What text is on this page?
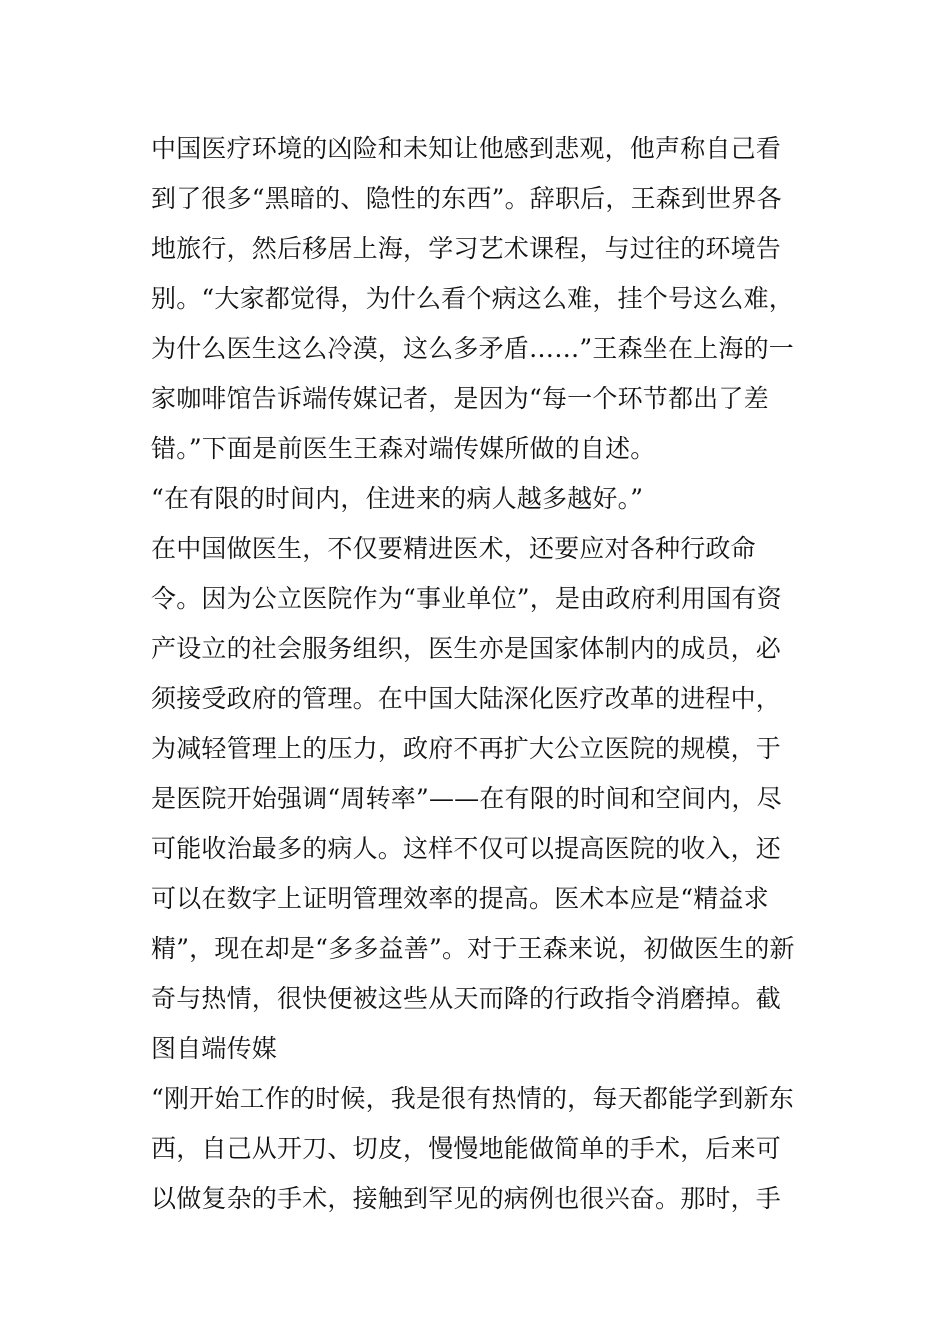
中国医疗环境的凶险和未知让他感到悲观，他声称自己看
到了很多“黑暗的、隐性的东西”。辞职后，王森到世界各
地旅行，然后移居上海，学习艺术课程，与过往的环境告
别。“大家都觉得，为什么看个病这么难，挂个号这么难，
为什么医生这么冷漠，这么多矛盾……”王森坐在上海的一
家咖啡馆告诉端传媒记者，是因为“每一个环节都出了差
错。”下面是前医生王森对端传媒所做的自述。
“在有限的时间内，住进来的病人越多越好。”
在中国做医生，不仅要精进医术，还要应对各种行政命
令。因为公立医院作为“事业单位”，是由政府利用国有资
产设立的社会服务组织，医生亦是国家体制内的成员，必
须接受政府的管理。在中国大陆深化医疗改革的进程中，
为减轻管理上的压力，政府不再扩大公立医院的规模，于
是医院开始强调“周转率”——在有限的时间和空间内，尽
可能收治最多的病人。这样不仅可以提高医院的收入，还
可以在数字上证明管理效率的提高。医术本应是“精益求
精”，现在却是“多多益善”。对于王森来说，初做医生的新
奇与热情，很快便被这些从天而降的行政指令消磨掉。截
图自端传媒
“刚开始工作的时候，我是很有热情的，每天都能学到新东
西，自己从开刀、切皮，慢慢地能做简单的手术，后来可
以做复杂的手术，接触到罕见的病例也很兴奋。那时，手
